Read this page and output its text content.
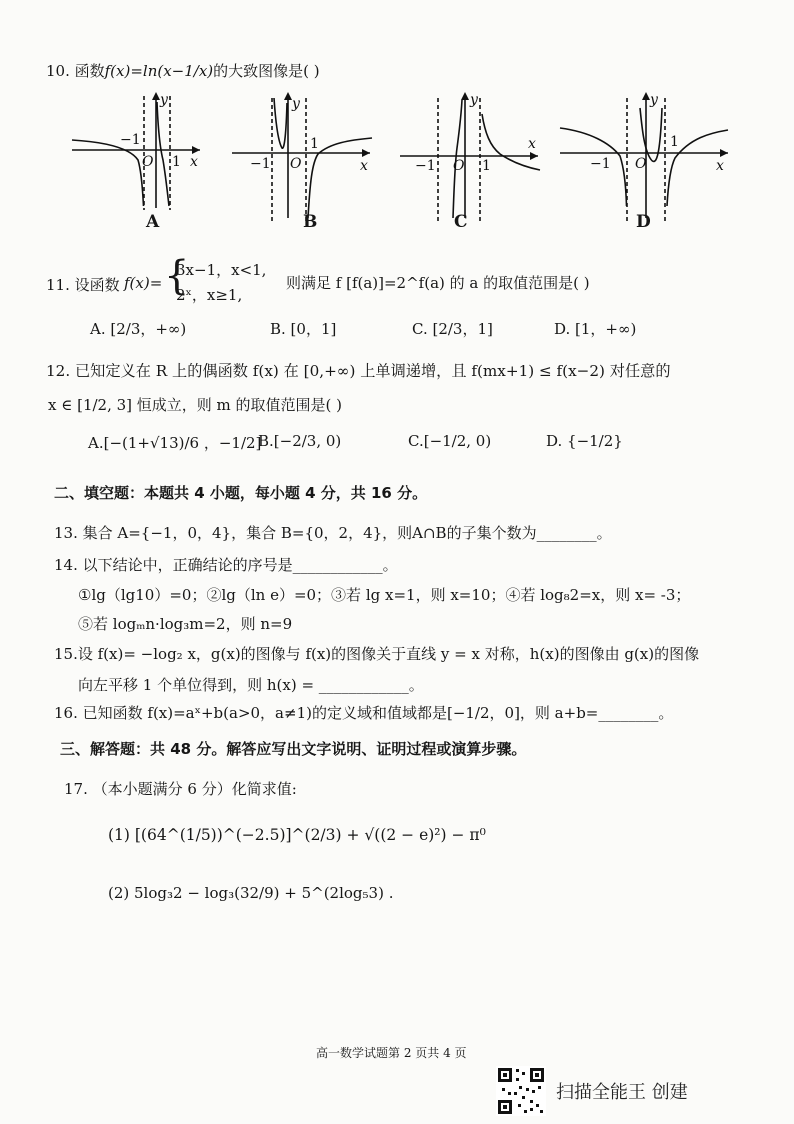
10. 函数f(x)=ln(x−1/x)的大致图像是( )
−1
O 1 x
y
−1 O
1
x
y
−1 O 1
x
y
−1 O
1
x
y
A	B	C	D
11. 设函数 f(x)= {
3x−1，x<1,
2ˣ，x≥1,
则满足 f [f(a)]=2^f(a) 的 a 的取值范围是( )
A. [2/3，+∞)	B. [0，1]	C. [2/3，1]	D. [1，+∞)
12. 已知定义在 R 上的偶函数 f(x) 在 [0,+∞) 上单调递增，且 f(mx+1) ≤ f(x−2) 对任意的
x ∈ [1/2, 3] 恒成立，则 m 的取值范围是( )
A.[−(1+√13)/6 ，−1/2]
B.[−2/3, 0)	C.[−1/2, 0)	D. {−1/2}
二、填空题：本题共 4 小题，每小题 4 分，共 16 分。
13. 集合 A={−1，0，4}，集合 B={0，2，4}，则A∩B的子集个数为________。
14. 以下结论中，正确结论的序号是____________。
①lg（lg10）=0；②lg（ln e）=0；③若 lg x=1，则 x=10；④若 log₈2=x，则 x= -3；
⑤若 logₘn·log₃m=2，则 n=9
15.设 f(x)= −log₂ x，g(x)的图像与 f(x)的图像关于直线 y = x 对称，h(x)的图像由 g(x)的图像
向左平移 1 个单位得到，则 h(x) = ____________。
16. 已知函数 f(x)=aˣ+b(a>0，a≠1)的定义域和值域都是[−1/2，0]，则 a+b=________。
三、解答题：共 48 分。解答应写出文字说明、证明过程或演算步骤。
17. （本小题满分 6 分）化简求值:
(1) [(64^(1/5))^(−2.5)]^(2/3) + √((2 − e)²) − π⁰
(2) 5log₃2 − log₃(32/9) + 5^(2log₅3) .
高一数学试题第 2 页共 4 页
扫描全能王 创建
